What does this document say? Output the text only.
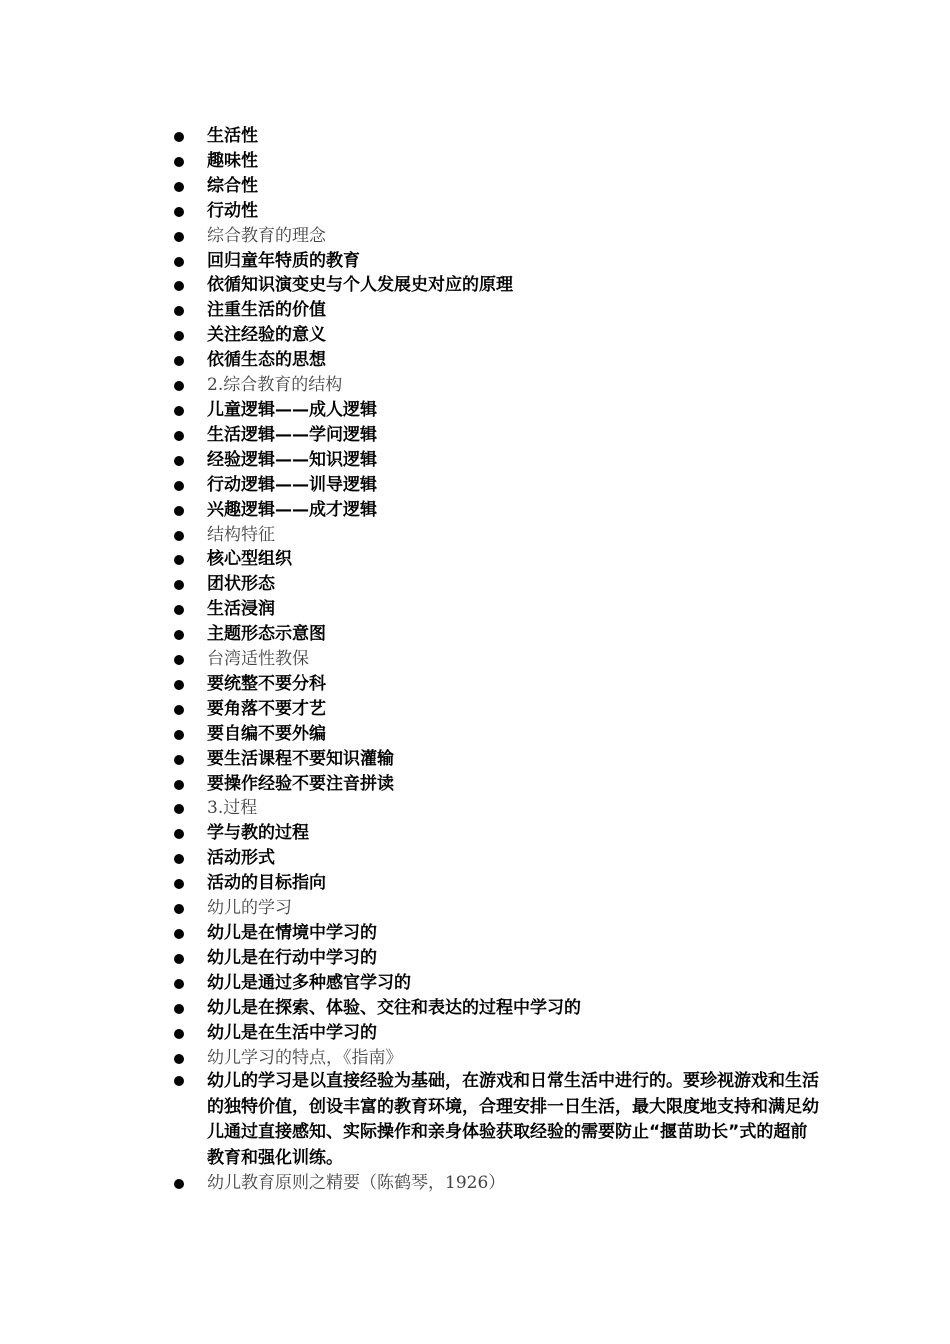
生活性
趣味性
综合性
行动性
综合教育的理念
回归童年特质的教育
依循知识演变史与个人发展史对应的原理
注重生活的价值
关注经验的意义
依循生态的思想
2.综合教育的结构
儿童逻辑——成人逻辑
生活逻辑——学问逻辑
经验逻辑——知识逻辑
行动逻辑——训导逻辑
兴趣逻辑——成才逻辑
结构特征
核心型组织
团状形态
生活浸润
主题形态示意图
台湾适性教保
要统整不要分科
要角落不要才艺
要自编不要外编
要生活课程不要知识灌输
要操作经验不要注音拼读
3.过程
学与教的过程
活动形式
活动的目标指向
幼儿的学习
幼儿是在情境中学习的
幼儿是在行动中学习的
幼儿是通过多种感官学习的
幼儿是在探索、体验、交往和表达的过程中学习的
幼儿是在生活中学习的
幼儿学习的特点，《指南》
幼儿的学习是以直接经验为基础，在游戏和日常生活中进行的。要珍视游戏和生活的独特价值，创设丰富的教育环境，合理安排一日生活，最大限度地支持和满足幼儿通过直接感知、实际操作和亲身体验获取经验的需要防止“揠苗助长”式的超前教育和强化训练。
幼儿教育原则之精要（陈鹤琴，1926）
